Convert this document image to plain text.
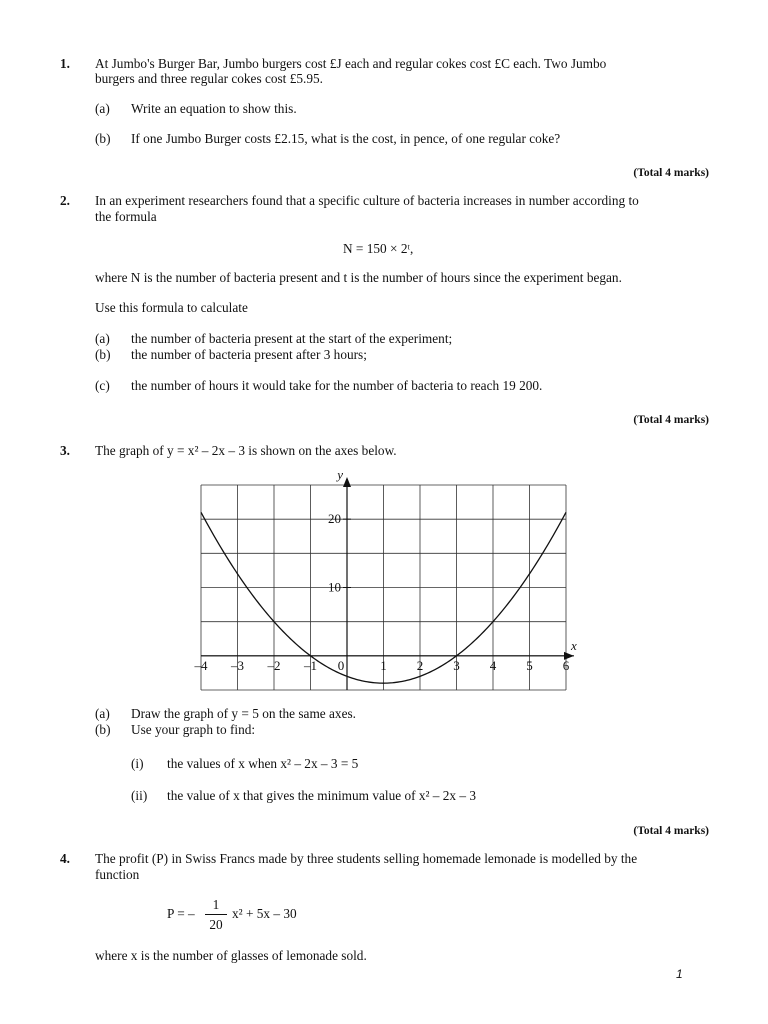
1. At Jumbo's Burger Bar, Jumbo burgers cost £J each and regular cokes cost £C each. Two Jumbo
burgers and three regular cokes cost £5.95.
(a) Write an equation to show this.
(b) If one Jumbo Burger costs £2.15, what is the cost, in pence, of one regular coke?
(Total 4 marks)
2. In an experiment researchers found that a specific culture of bacteria increases in number according to
the formula
N = 150 × 2ᵗ,
where N is the number of bacteria present and t is the number of hours since the experiment began.
Use this formula to calculate
(a) the number of bacteria present at the start of the experiment;
(b) the number of bacteria present after 3 hours;
(c) the number of hours it would take for the number of bacteria to reach 19 200.
(Total 4 marks)
3. The graph of y = x² – 2x – 3 is shown on the axes below.
–4 –3 –2 –1 0	1 2 3 4 5 6
10
20
x
y
(a) Draw the graph of y = 5 on the same axes.
(b) Use your graph to find:
(i) the values of x when x² – 2x – 3 = 5
(ii) the value of x that gives the minimum value of x² – 2x – 3
(Total 4 marks)
4. The profit (P) in Swiss Francs made by three students selling homemade lemonade is modelled by the
function
P = –
1
20
x² + 5x – 30
where x is the number of glasses of lemonade sold.
1
